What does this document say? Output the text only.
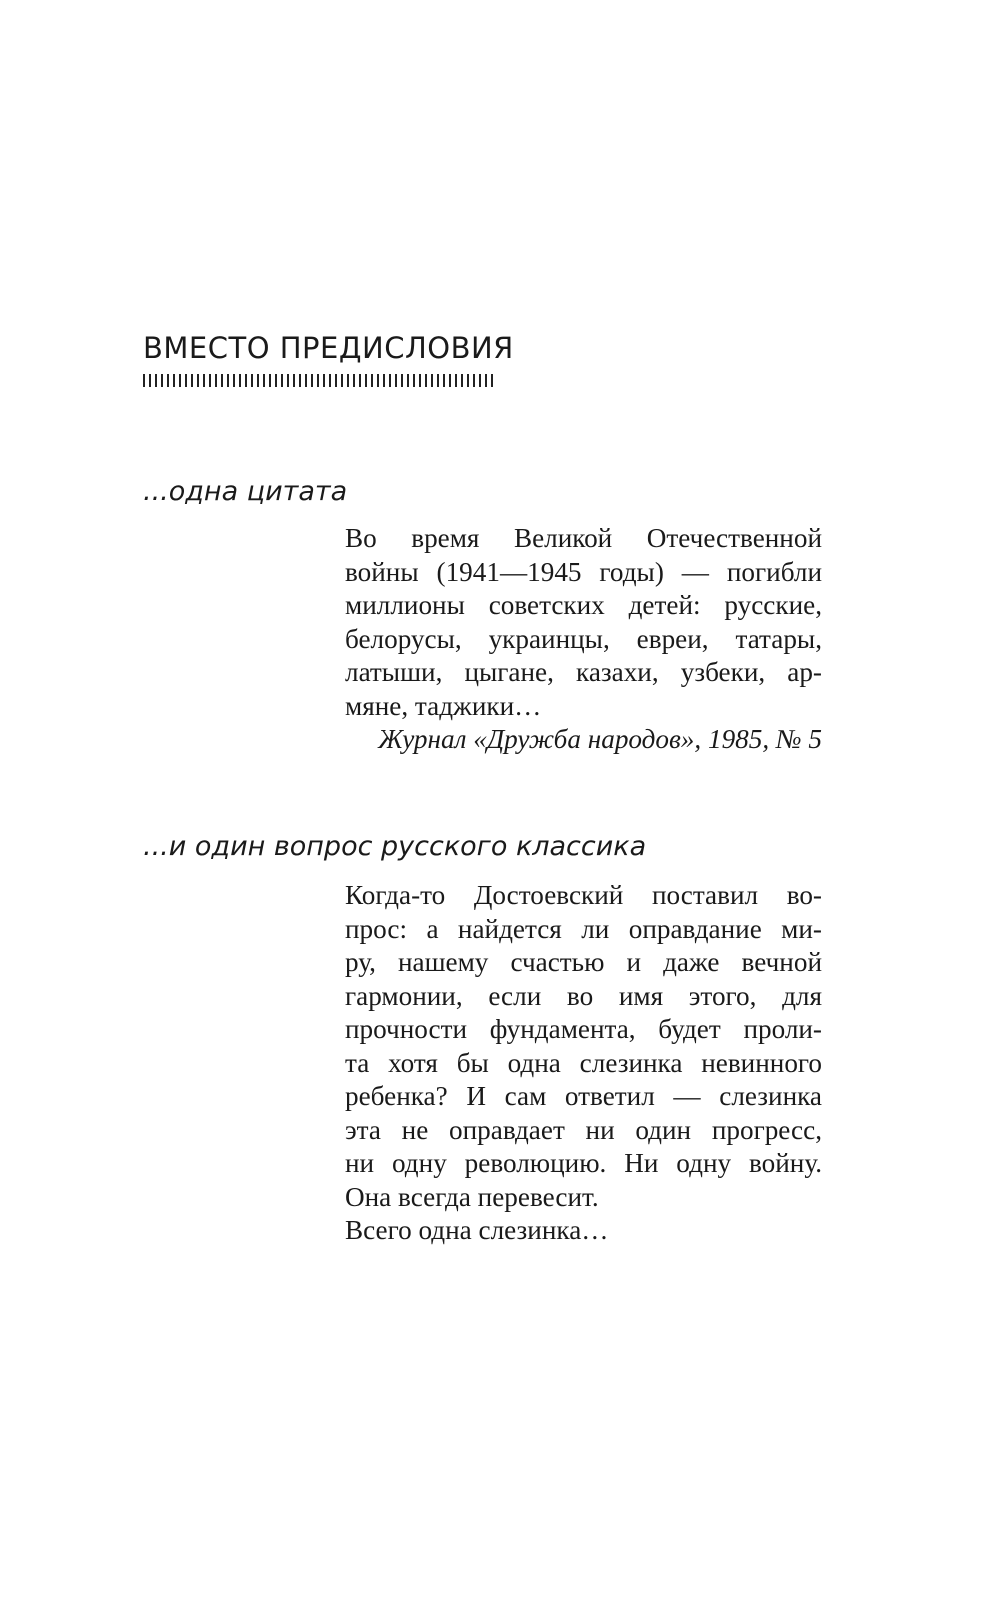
ВМЕСТО ПРЕДИСЛОВИЯ
...одна цитата
Во время Великой Отечественной
войны (1941—1945 годы) — погибли
миллионы советских детей: русские,
белорусы, украинцы, евреи, татары,
латыши, цыгане, казахи, узбеки, ар-
мяне, таджики…
Журнал «Дружба народов», 1985, № 5
...и один вопрос русского классика
Когда-то Достоевский поставил во-
прос: а найдется ли оправдание ми-
ру, нашему счастью и даже вечной
гармонии, если во имя этого, для
прочности фундамента, будет проли-
та хотя бы одна слезинка невинного
ребенка? И сам ответил — слезинка
эта не оправдает ни один прогресс,
ни одну революцию. Ни одну войну.
Она всегда перевесит.
Всего одна слезинка…
